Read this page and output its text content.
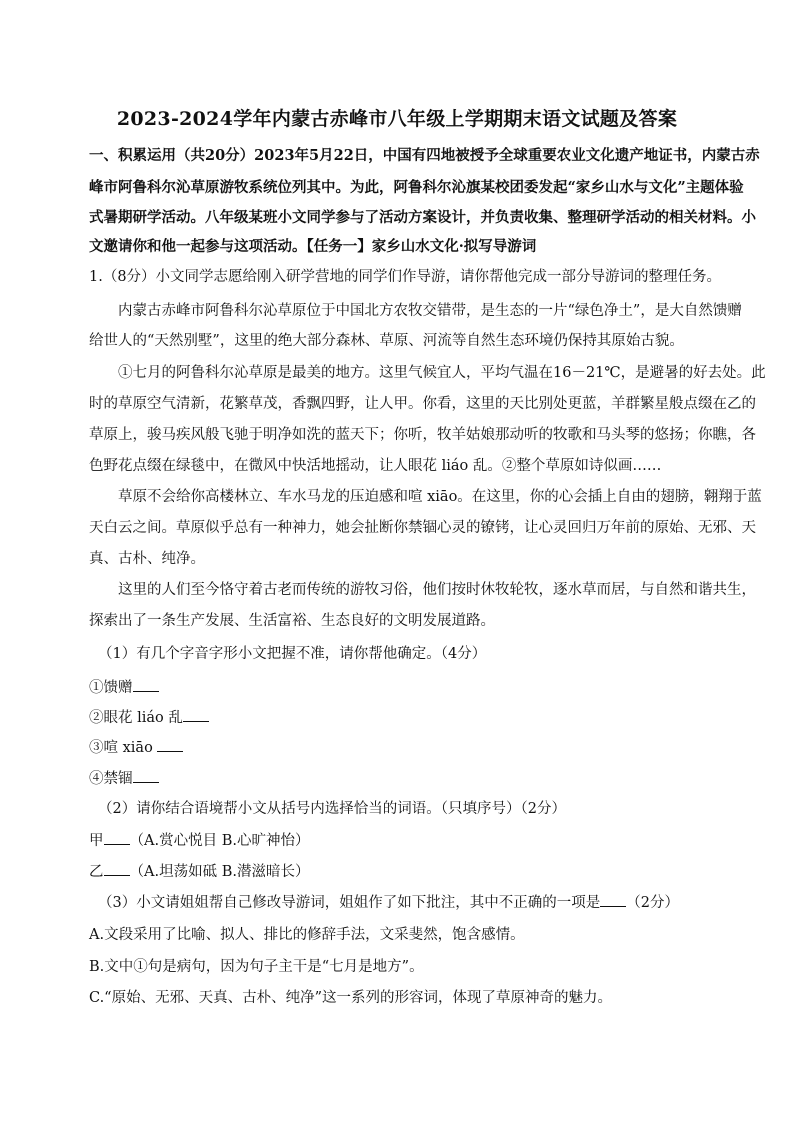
2023-2024学年内蒙古赤峰市八年级上学期期末语文试题及答案
一、积累运用（共20分）2023年5月22日，中国有四地被授予全球重要农业文化遗产地证书，内蒙古赤
峰市阿鲁科尔沁草原游牧系统位列其中。为此，阿鲁科尔沁旗某校团委发起“家乡山水与文化”主题体验
式暑期研学活动。八年级某班小文同学参与了活动方案设计，并负责收集、整理研学活动的相关材料。小
文邀请你和他一起参与这项活动。【任务一】家乡山水文化·拟写导游词
1.（8分）小文同学志愿给刚入研学营地的同学们作导游，请你帮他完成一部分导游词的整理任务。
内蒙古赤峰市阿鲁科尔沁草原位于中国北方农牧交错带，是生态的一片“绿色净土”，是大自然馈赠
给世人的“天然别墅”，这里的绝大部分森林、草原、河流等自然生态环境仍保持其原始古貌。
①七月的阿鲁科尔沁草原是最美的地方。这里气候宜人，平均气温在16－21℃，是避暑的好去处。此
时的草原空气清新，花繁草茂，香飘四野，让人甲。你看，这里的天比别处更蓝，羊群繁星般点缀在乙的
草原上，骏马疾风般飞驰于明净如洗的蓝天下；你听，牧羊姑娘那动听的牧歌和马头琴的悠扬；你瞧，各
色野花点缀在绿毯中，在微风中快活地摇动，让人眼花 liáo 乱。②整个草原如诗似画……
草原不会给你高楼林立、车水马龙的压迫感和喧 xiāo。在这里，你的心会插上自由的翅膀，翱翔于蓝
天白云之间。草原似乎总有一种神力，她会扯断你禁锢心灵的镣铐，让心灵回归万年前的原始、无邪、天
真、古朴、纯净。
这里的人们至今恪守着古老而传统的游牧习俗，他们按时休牧轮牧，逐水草而居，与自然和谐共生，
探索出了一条生产发展、生活富裕、生态良好的文明发展道路。
（1）有几个字音字形小文把握不准，请你帮他确定。（4分）
①馈赠
②眼花 liáo 乱
③喧 xiāo
④禁锢
（2）请你结合语境帮小文从括号内选择恰当的词语。（只填序号）（2分）
甲 （A.赏心悦目 B.心旷神怡）
乙 （A.坦荡如砥 B.潜滋暗长）
（3）小文请姐姐帮自己修改导游词，姐姐作了如下批注，其中不正确的一项是 （2分）
A.文段采用了比喻、拟人、排比的修辞手法，文采斐然，饱含感情。
B.文中①句是病句，因为句子主干是“七月是地方”。
C.“原始、无邪、天真、古朴、纯净”这一系列的形容词，体现了草原神奇的魅力。
